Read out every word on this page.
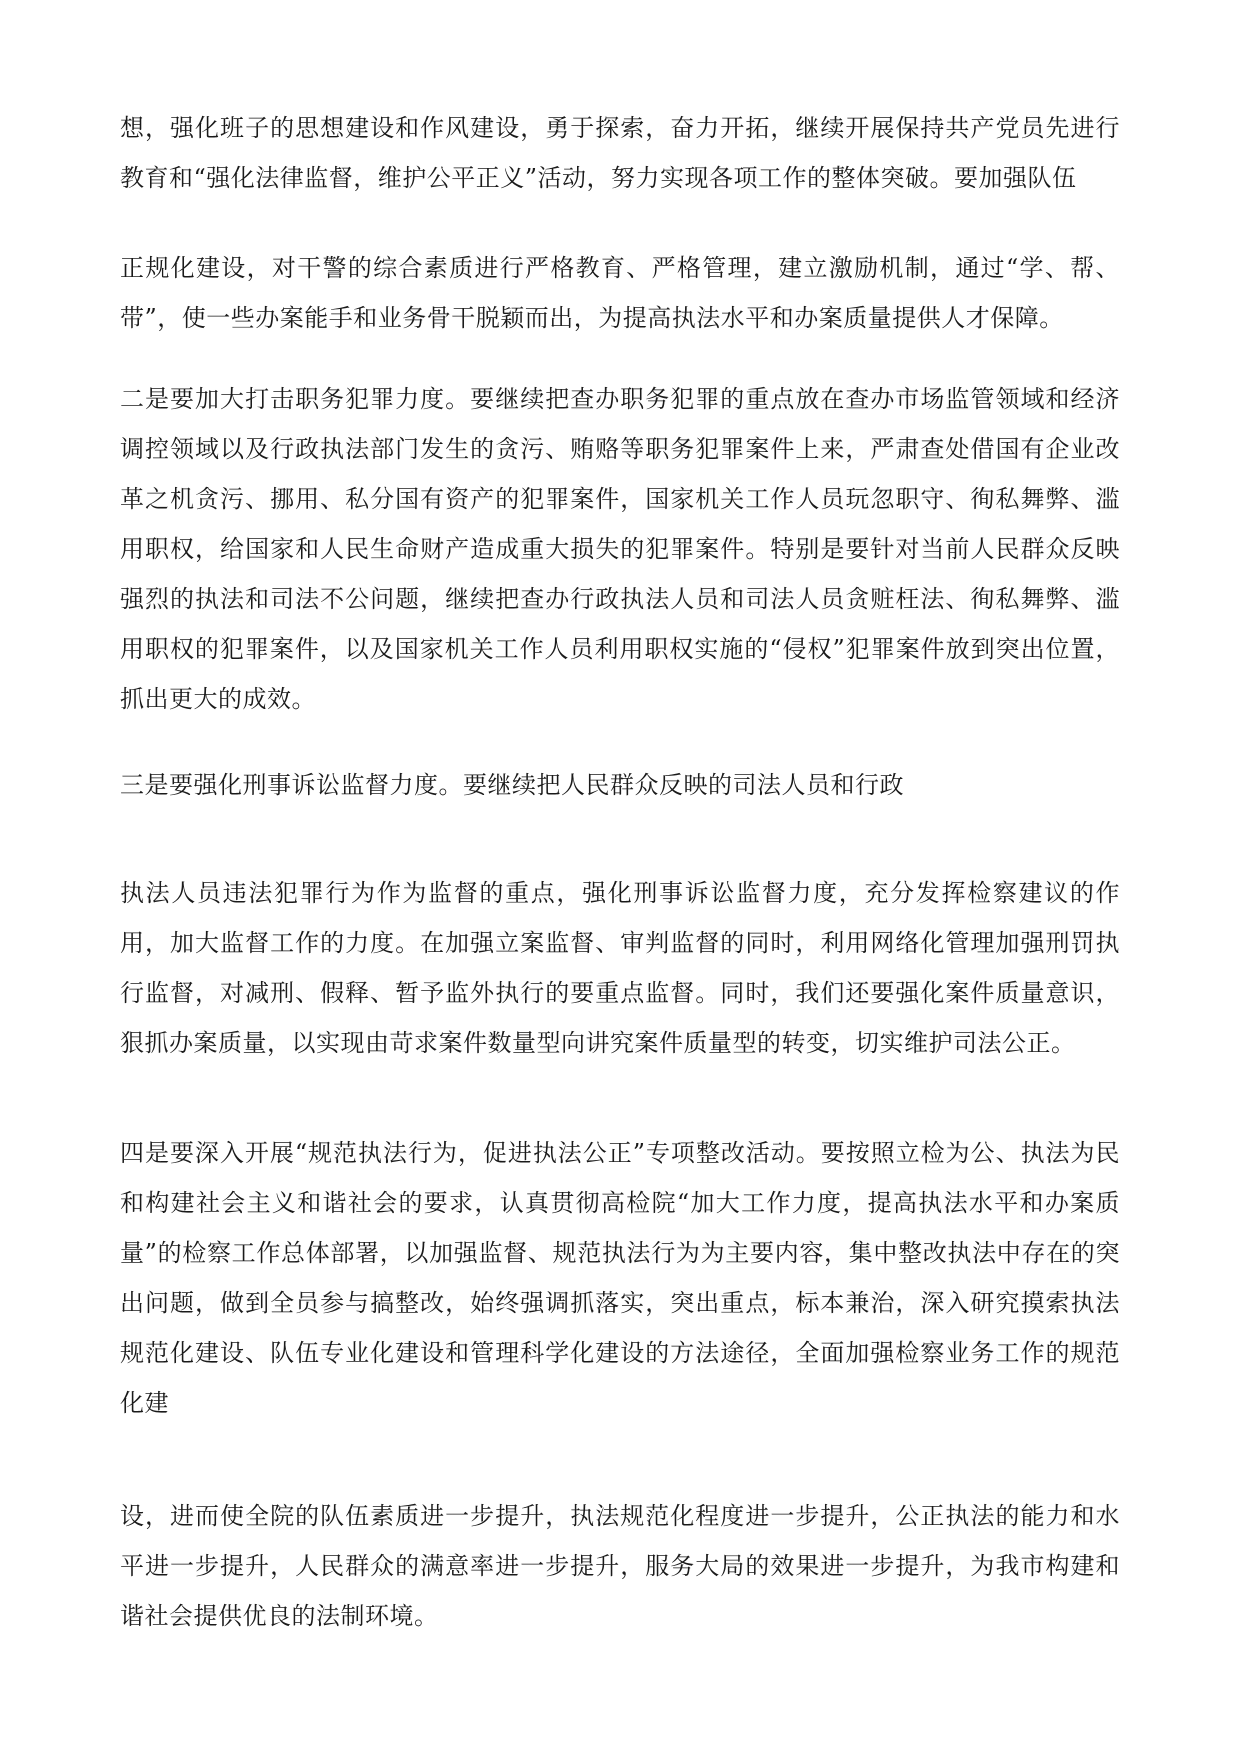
想，强化班子的思想建设和作风建设，勇于探索，奋力开拓，继续开展保持共产党员先进行教育和“强化法律监督，维护公平正义”活动，努力实现各项工作的整体突破。要加强队伍

正规化建设，对干警的综合素质进行严格教育、严格管理，建立激励机制，通过“学、帮、带”，使一些办案能手和业务骨干脱颖而出，为提高执法水平和办案质量提供人才保障。

二是要加大打击职务犯罪力度。要继续把查办职务犯罪的重点放在查办市场监管领域和经济调控领域以及行政执法部门发生的贪污、贿赂等职务犯罪案件上来，严肃查处借国有企业改革之机贪污、挪用、私分国有资产的犯罪案件，国家机关工作人员玩忽职守、徇私舞弊、滥用职权，给国家和人民生命财产造成重大损失的犯罪案件。特别是要针对当前人民群众反映强烈的执法和司法不公问题，继续把查办行政执法人员和司法人员贪赃枉法、徇私舞弊、滥用职权的犯罪案件，以及国家机关工作人员利用职权实施的“侵权”犯罪案件放到突出位置，抓出更大的成效。

三是要强化刑事诉讼监督力度。要继续把人民群众反映的司法人员和行政

执法人员违法犯罪行为作为监督的重点，强化刑事诉讼监督力度，充分发挥检察建议的作用，加大监督工作的力度。在加强立案监督、审判监督的同时，利用网络化管理加强刑罚执行监督，对减刑、假释、暂予监外执行的要重点监督。同时，我们还要强化案件质量意识，狠抓办案质量，以实现由苛求案件数量型向讲究案件质量型的转变，切实维护司法公正。

四是要深入开展“规范执法行为，促进执法公正”专项整改活动。要按照立检为公、执法为民和构建社会主义和谐社会的要求，认真贯彻高检院“加大工作力度，提高执法水平和办案质量”的检察工作总体部署，以加强监督、规范执法行为为主要内容，集中整改执法中存在的突出问题，做到全员参与搞整改，始终强调抓落实，突出重点，标本兼治，深入研究摸索执法规范化建设、队伍专业化建设和管理科学化建设的方法途径，全面加强检察业务工作的规范化建

设，进而使全院的队伍素质进一步提升，执法规范化程度进一步提升，公正执法的能力和水平进一步提升，人民群众的满意率进一步提升，服务大局的效果进一步提升，为我市构建和谐社会提供优良的法制环境。
